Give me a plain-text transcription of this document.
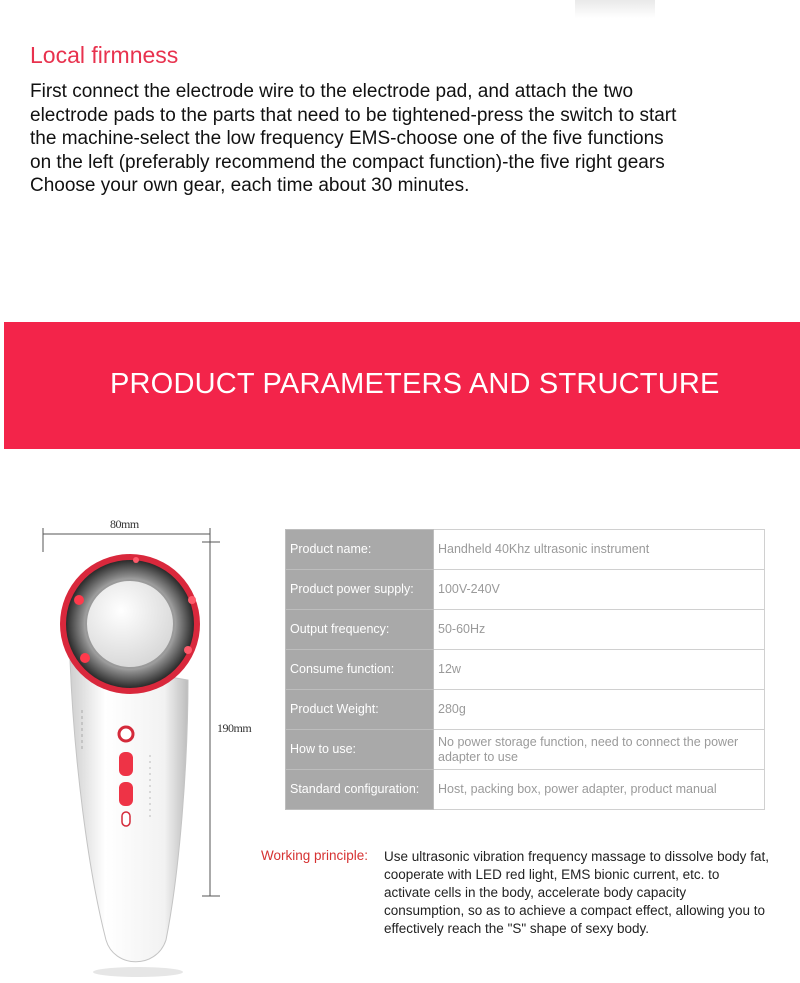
Local firmness

First connect the electrode wire to the electrode pad, and attach the two electrode pads to the parts that need to be tightened-press the switch to start the machine-select the low frequency EMS-choose one of the five functions on the left (preferably recommend the compact function)-the five right gears Choose your own gear, each time about 30 minutes.

PRODUCT PARAMETERS AND STRUCTURE
80mm
190mm
Product name:	Handheld 40Khz ultrasonic instrument
Product power supply:	100V-240V
Output frequency:	50-60Hz
Consume function:	12w
Product Weight:	280g
How to use:	No power storage function, need to connect the power adapter to use
Standard configuration:	Host, packing box, power adapter, product manual
Working principle: Use ultrasonic vibration frequency massage to dissolve body fat, cooperate with LED red light, EMS bionic current, etc. to activate cells in the body, accelerate body capacity consumption, so as to achieve a compact effect, allowing you to effectively reach the "S" shape of sexy body.
